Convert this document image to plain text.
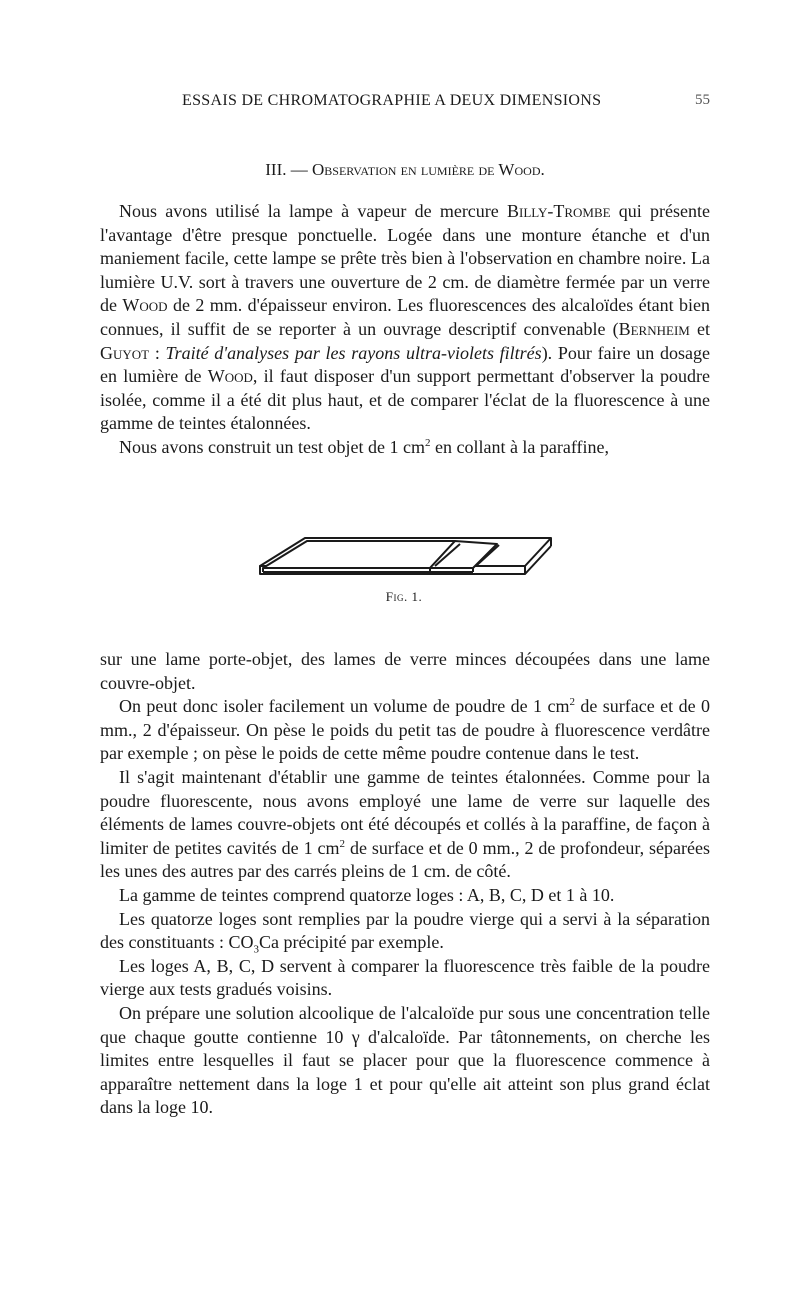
ESSAIS DE CHROMATOGRAPHIE A DEUX DIMENSIONS	55
III. — Observation en lumière de Wood.

Nous avons utilisé la lampe à vapeur de mercure Billy-Trombe qui présente l'avantage d'être presque ponctuelle. Logée dans une monture étanche et d'un maniement facile, cette lampe se prête très bien à l'observation en chambre noire. La lumière U.V. sort à travers une ouverture de 2 cm. de diamètre fermée par un verre de Wood de 2 mm. d'épaisseur environ. Les fluorescences des alcaloïdes étant bien connues, il suffit de se reporter à un ouvrage descriptif convenable (Bernheim et Guyot : Traité d'analyses par les rayons ultra-violets filtrés). Pour faire un dosage en lumière de Wood, il faut disposer d'un support permettant d'observer la poudre isolée, comme il a été dit plus haut, et de comparer l'éclat de la fluorescence à une gamme de teintes étalonnées.

Nous avons construit un test objet de 1 $cm^2$ en collant à la paraffine,

Fig. 1.

sur une lame porte-objet, des lames de verre minces découpées dans une lame couvre-objet.

On peut donc isoler facilement un volume de poudre de 1 $cm^2$ de surface et de 0 mm., 2 d'épaisseur. On pèse le poids du petit tas de poudre à fluorescence verdâtre par exemple ; on pèse le poids de cette même poudre contenue dans le test.

Il s'agit maintenant d'établir une gamme de teintes étalonnées. Comme pour la poudre fluorescente, nous avons employé une lame de verre sur laquelle des éléments de lames couvre-objets ont été découpés et collés à la paraffine, de façon à limiter de petites cavités de 1 $cm^2$ de surface et de 0 mm., 2 de profondeur, séparées les unes des autres par des carrés pleins de 1 cm. de côté.

La gamme de teintes comprend quatorze loges : A, B, C, D et 1 à 10.

Les quatorze loges sont remplies par la poudre vierge qui a servi à la séparation des constituants : $CO_3Ca$ précipité par exemple.

Les loges A, B, C, D servent à comparer la fluorescence très faible de la poudre vierge aux tests gradués voisins.

On prépare une solution alcoolique de l'alcaloïde pur sous une concentration telle que chaque goutte contienne 10 γ d'alcaloïde. Par tâtonnements, on cherche les limites entre lesquelles il faut se placer pour que la fluorescence commence à apparaître nettement dans la loge 1 et pour qu'elle ait atteint son plus grand éclat dans la loge 10.
